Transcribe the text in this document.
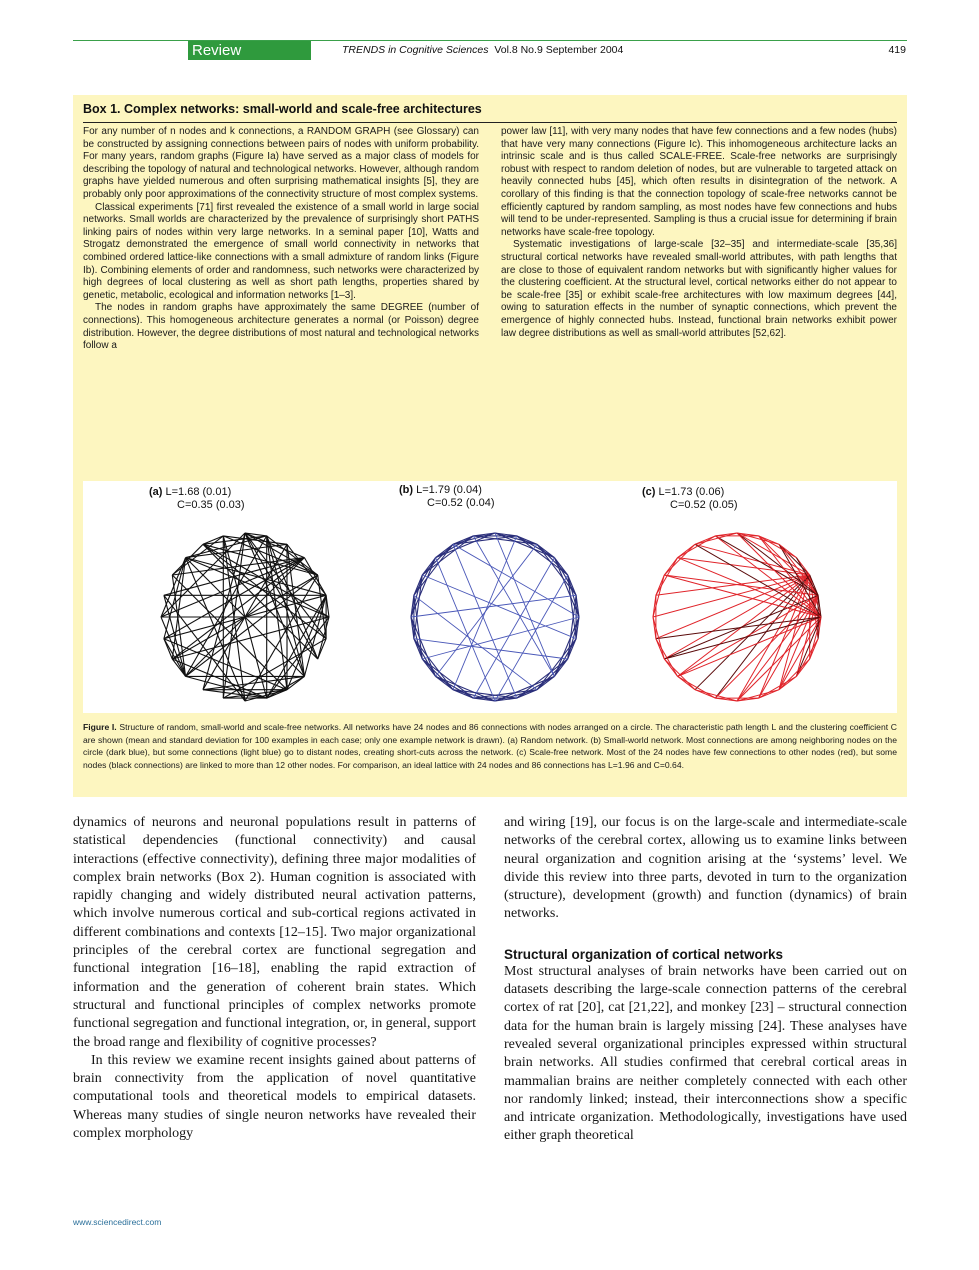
Review	TRENDS in Cognitive Sciences Vol.8 No.9 September 2004	419
Box 1. Complex networks: small-world and scale-free architectures

For any number of n nodes and k connections, a RANDOM GRAPH (see Glossary) can be constructed by assigning connections between pairs of nodes with uniform probability. For many years, random graphs (Figure Ia) have served as a major class of models for describing the topology of natural and technological networks. However, although random graphs have yielded numerous and often surprising mathematical insights [5], they are probably only poor approximations of the connectivity structure of most complex systems.

Classical experiments [71] first revealed the existence of a small world in large social networks. Small worlds are characterized by the prevalence of surprisingly short PATHS linking pairs of nodes within very large networks. In a seminal paper [10], Watts and Strogatz demonstrated the emergence of small world connectivity in networks that combined ordered lattice-like connections with a small admixture of random links (Figure Ib). Combining elements of order and randomness, such networks were characterized by high degrees of local clustering as well as short path lengths, properties shared by genetic, metabolic, ecological and information networks [1–3].

The nodes in random graphs have approximately the same DEGREE (number of connections). This homogeneous architecture generates a normal (or Poisson) degree distribution. However, the degree distributions of most natural and technological networks follow a

power law [11], with very many nodes that have few connections and a few nodes (hubs) that have very many connections (Figure Ic). This inhomogeneous architecture lacks an intrinsic scale and is thus called SCALE-FREE. Scale-free networks are surprisingly robust with respect to random deletion of nodes, but are vulnerable to targeted attack on heavily connected hubs [45], which often results in disintegration of the network. A corollary of this finding is that the connection topology of scale-free networks cannot be efficiently captured by random sampling, as most nodes have few connections and hubs will tend to be under-represented. Sampling is thus a crucial issue for determining if brain networks have scale-free topology.

Systematic investigations of large-scale [32–35] and intermediate-scale [35,36] structural cortical networks have revealed small-world attributes, with path lengths that are close to those of equivalent random networks but with significantly higher values for the clustering coefficient. At the structural level, cortical networks either do not appear to be scale-free [35] or exhibit scale-free architectures with low maximum degrees [44], owing to saturation effects in the number of synaptic connections, which prevent the emergence of highly connected hubs. Instead, functional brain networks exhibit power law degree distributions as well as small-world attributes [52,62].

(a) L=1.68 (0.01)
C=0.35 (0.03)
(b) L=1.79 (0.04)
C=0.52 (0.04)
(c) L=1.73 (0.06)
C=0.52 (0.05)
Figure I. Structure of random, small-world and scale-free networks. All networks have 24 nodes and 86 connections with nodes arranged on a circle. The characteristic path length L and the clustering coefficient C are shown (mean and standard deviation for 100 examples in each case; only one example network is drawn). (a) Random network. (b) Small-world network. Most connections are among neighboring nodes on the circle (dark blue), but some connections (light blue) go to distant nodes, creating short-cuts across the network. (c) Scale-free network. Most of the 24 nodes have few connections to other nodes (red), but some nodes (black connections) are linked to more than 12 other nodes. For comparison, an ideal lattice with 24 nodes and 86 connections has L=1.96 and C=0.64.

dynamics of neurons and neuronal populations result in patterns of statistical dependencies (functional connectivity) and causal interactions (effective connectivity), defining three major modalities of complex brain networks (Box 2). Human cognition is associated with rapidly changing and widely distributed neural activation patterns, which involve numerous cortical and sub-cortical regions activated in different combinations and contexts [12–15]. Two major organizational principles of the cerebral cortex are functional segregation and functional integration [16–18], enabling the rapid extraction of information and the generation of coherent brain states. Which structural and functional principles of complex networks promote functional segregation and functional integration, or, in general, support the broad range and flexibility of cognitive processes?

In this review we examine recent insights gained about patterns of brain connectivity from the application of novel quantitative computational tools and theoretical models to empirical datasets. Whereas many studies of single neuron networks have revealed their complex morphology

and wiring [19], our focus is on the large-scale and intermediate-scale networks of the cerebral cortex, allowing us to examine links between neural organization and cognition arising at the ‘systems’ level. We divide this review into three parts, devoted in turn to the organization (structure), development (growth) and function (dynamics) of brain networks.

Structural organization of cortical networks

Most structural analyses of brain networks have been carried out on datasets describing the large-scale connection patterns of the cerebral cortex of rat [20], cat [21,22], and monkey [23] – structural connection data for the human brain is largely missing [24]. These analyses have revealed several organizational principles expressed within structural brain networks. All studies confirmed that cerebral cortical areas in mammalian brains are neither completely connected with each other nor randomly linked; instead, their interconnections show a specific and intricate organization. Methodologically, investigations have used either graph theoretical

www.sciencedirect.com
